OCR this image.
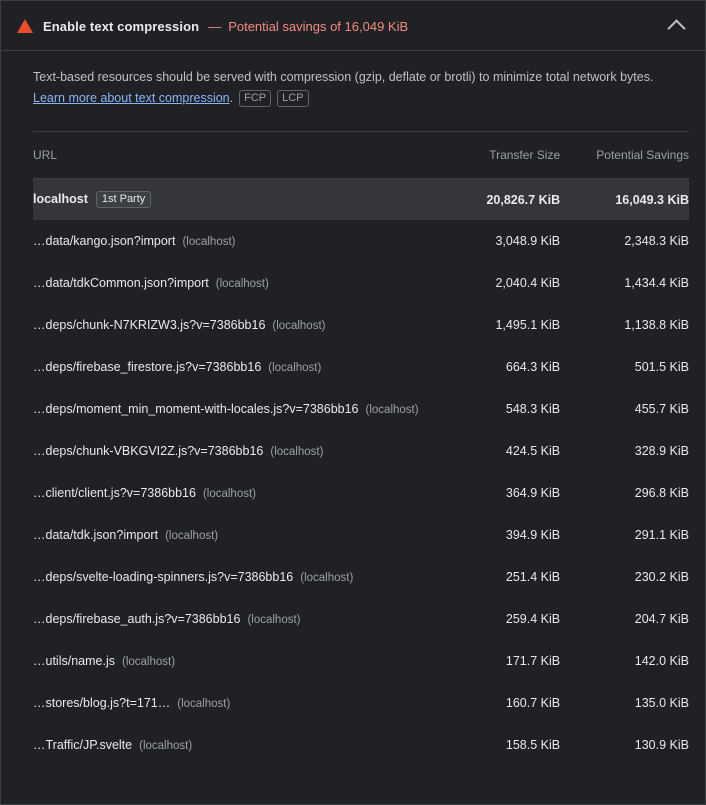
Enable text compression — Potential savings of 16,049 KiB
Text-based resources should be served with compression (gzip, deflate or brotli) to minimize total network bytes. Learn more about text compression. FCP LCP
URL	Transfer Size	Potential Savings
localhost 1st Party	20,826.7 KiB	16,049.3 KiB
…data/kango.json?import (localhost)	3,048.9 KiB	2,348.3 KiB
…data/tdkCommon.json?import (localhost)	2,040.4 KiB	1,434.4 KiB
…deps/chunk-N7KRIZW3.js?v=7386bb16 (localhost)	1,495.1 KiB	1,138.8 KiB
…deps/firebase_firestore.js?v=7386bb16 (localhost)	664.3 KiB	501.5 KiB
…deps/moment_min_moment-with-locales.js?v=7386bb16 (localhost)	548.3 KiB	455.7 KiB
…deps/chunk-VBKGVI2Z.js?v=7386bb16 (localhost)	424.5 KiB	328.9 KiB
…client/client.js?v=7386bb16 (localhost)	364.9 KiB	296.8 KiB
…data/tdk.json?import (localhost)	394.9 KiB	291.1 KiB
…deps/svelte-loading-spinners.js?v=7386bb16 (localhost)	251.4 KiB	230.2 KiB
…deps/firebase_auth.js?v=7386bb16 (localhost)	259.4 KiB	204.7 KiB
…utils/name.js (localhost)	171.7 KiB	142.0 KiB
…stores/blog.js?t=171… (localhost)	160.7 KiB	135.0 KiB
…Traffic/JP.svelte (localhost)	158.5 KiB	130.9 KiB
